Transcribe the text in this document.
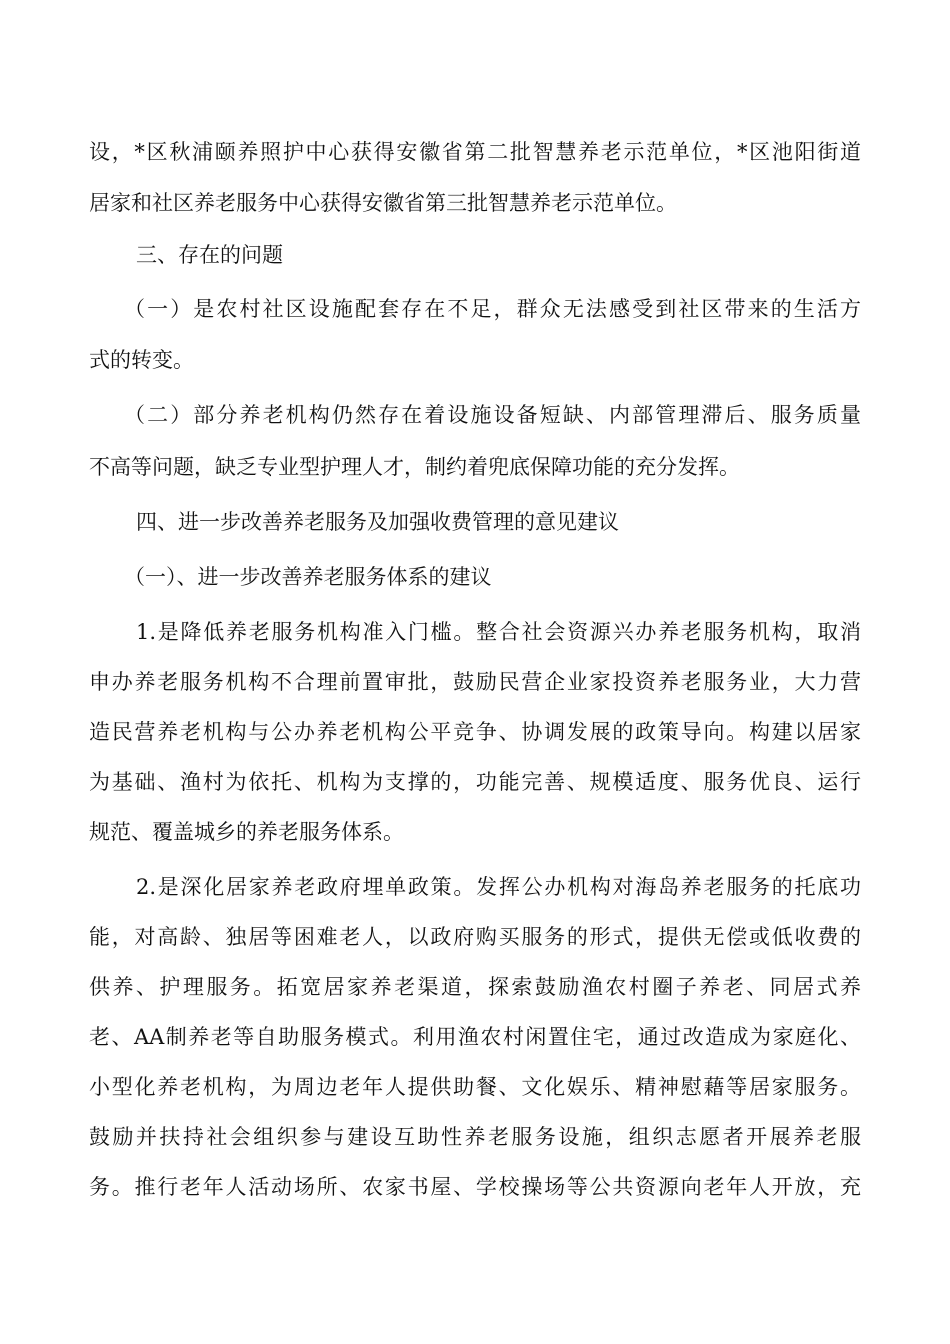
设，*区秋浦颐养照护中心获得安徽省第二批智慧养老示范单位，*区池阳街道

居家和社区养老服务中心获得安徽省第三批智慧养老示范单位。

三、存在的问题

（一）是农村社区设施配套存在不足，群众无法感受到社区带来的生活方

式的转变。

（二）部分养老机构仍然存在着设施设备短缺、内部管理滞后、服务质量

不高等问题，缺乏专业型护理人才，制约着兜底保障功能的充分发挥。

四、进一步改善养老服务及加强收费管理的意见建议

（一）、进一步改善养老服务体系的建议

1.是降低养老服务机构准入门槛。整合社会资源兴办养老服务机构，取消

申办养老服务机构不合理前置审批，鼓励民营企业家投资养老服务业，大力营

造民营养老机构与公办养老机构公平竞争、协调发展的政策导向。构建以居家

为基础、渔村为依托、机构为支撑的，功能完善、规模适度、服务优良、运行

规范、覆盖城乡的养老服务体系。

2.是深化居家养老政府埋单政策。发挥公办机构对海岛养老服务的托底功

能，对高龄、独居等困难老人，以政府购买服务的形式，提供无偿或低收费的

供养、护理服务。拓宽居家养老渠道，探索鼓励渔农村圈子养老、同居式养

老、AA制养老等自助服务模式。利用渔农村闲置住宅，通过改造成为家庭化、

小型化养老机构，为周边老年人提供助餐、文化娱乐、精神慰藉等居家服务。

鼓励并扶持社会组织参与建设互助性养老服务设施，组织志愿者开展养老服

务。推行老年人活动场所、农家书屋、学校操场等公共资源向老年人开放，充
